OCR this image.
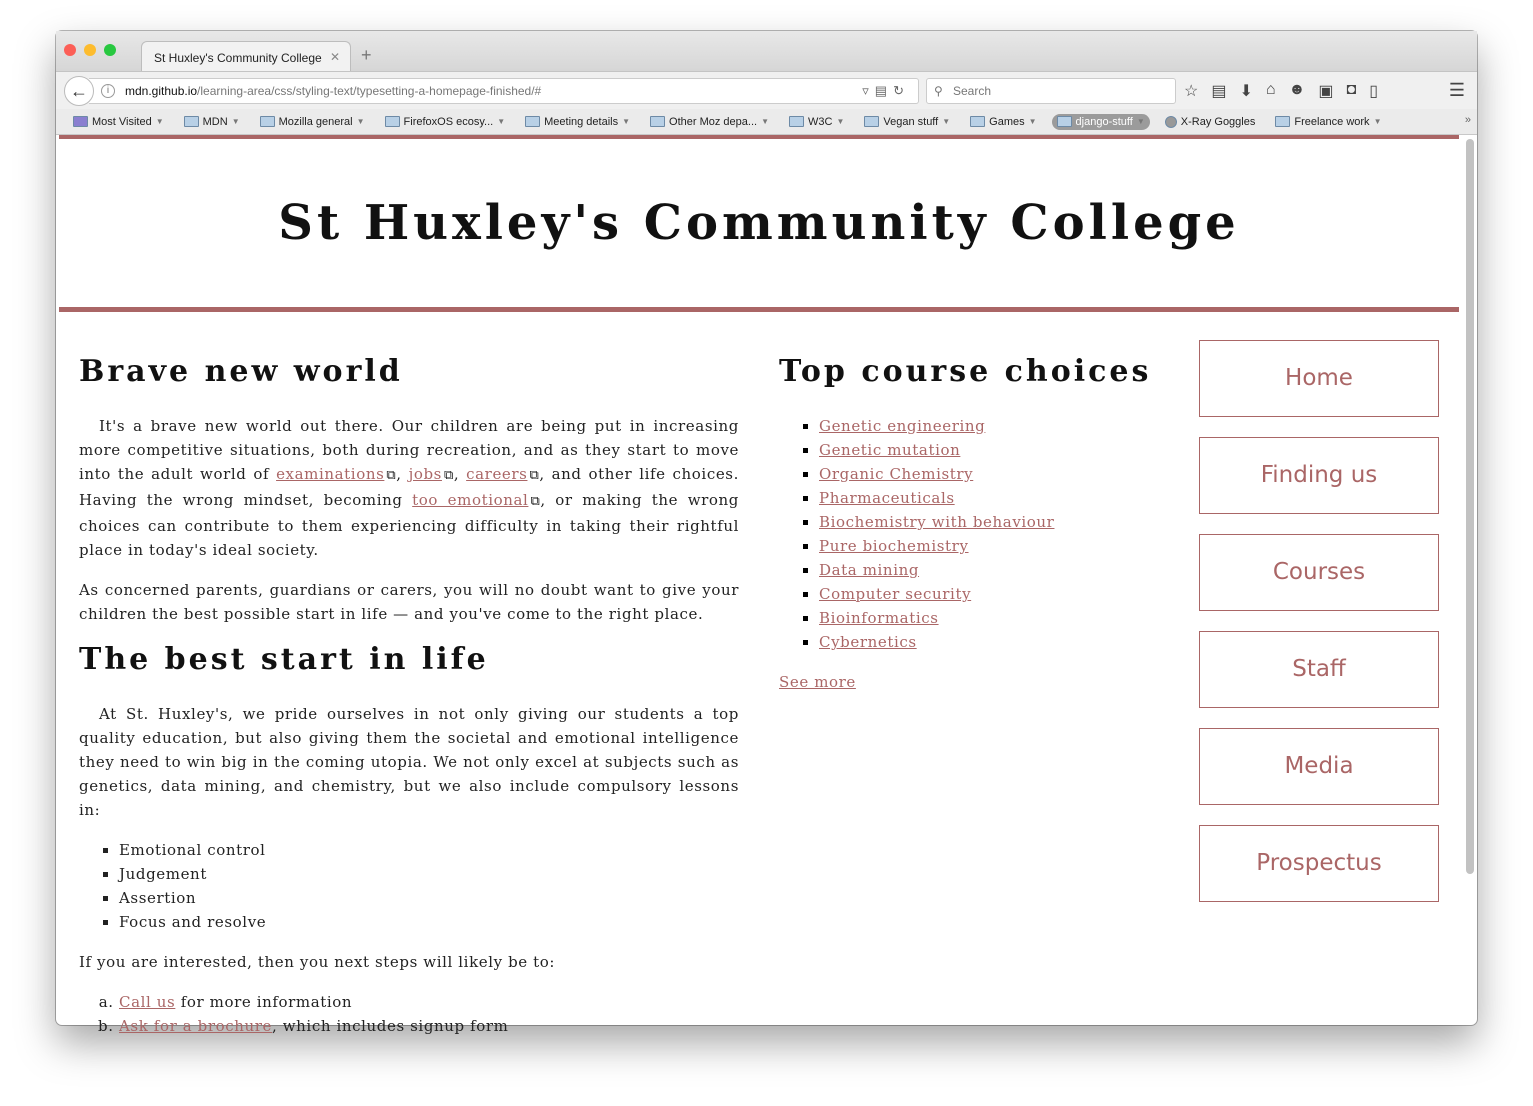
St Huxley's Community College ✕ +
i	mdn.github.io/learning-area/css/styling-text/typesetting-a-homepage-finished/#	▿▤↻
←	⚲ Search	☆ ▤ ⬇ ⌂ ☻ ▣ ◘ ▯	☰
Most Visited ▼	MDN ▼	Mozilla general ▼	FirefoxOS ecosy... ▼	Meeting details ▼	Other Moz depa... ▼	W3C ▼	Vegan stuff ▼	Games ▼	django-stuff ▼	X-Ray Goggles	Freelance work ▼	»
St Huxley's Community College
Brave new world

It's a brave new world out there. Our children are being put in increasing more competitive situations, both during recreation, and as they start to move into the adult world of examinations ⧉, jobs ⧉, careers ⧉, and other life choices. Having the wrong mindset, becoming too emotional ⧉, or making the wrong choices can contribute to them experiencing difficulty in taking their rightful place in today's ideal society.

As concerned parents, guardians or carers, you will no doubt want to give your children the best possible start in life — and you've come to the right place.

The best start in life

At St. Huxley's, we pride ourselves in not only giving our students a top quality education, but also giving them the societal and emotional intelligence they need to win big in the coming utopia. We not only excel at subjects such as genetics, data mining, and chemistry, but we also include compulsory lessons in:

▪ Emotional control
▪ Judgement
▪ Assertion
▪ Focus and resolve

If you are interested, then you next steps will likely be to:

a. Call us for more information
b. Ask for a brochure, which includes signup form
Top course choices
▪ Genetic engineering
▪ Genetic mutation
▪ Organic Chemistry
▪ Pharmaceuticals
▪ Biochemistry with behaviour
▪ Pure biochemistry
▪ Data mining
▪ Computer security
▪ Bioinformatics
▪ Cybernetics
See more
Home
Finding us
Courses
Staff
Media
Prospectus
